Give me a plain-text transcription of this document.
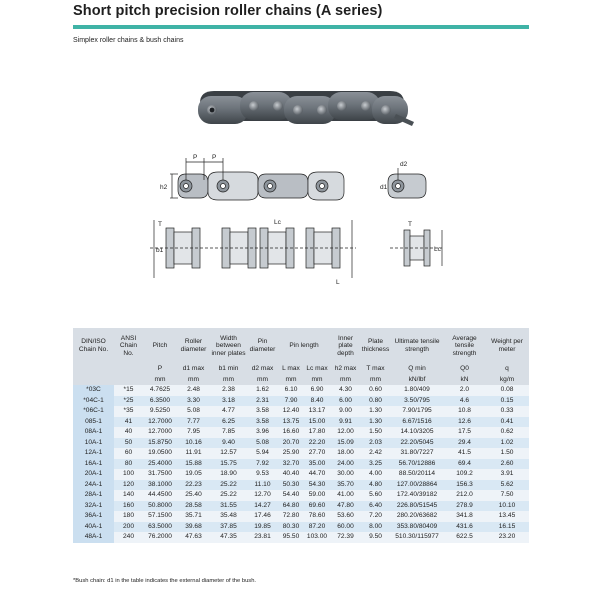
Short pitch precision roller chains (A series)
Simplex roller chains & bush chains
P P
h2	d1
d2
T
b1
Lc
L
Lc
T
DIN/ISO Chain No.	ANSI Chain No.	Pitch	Roller diameter	Width between inner plates	Pin diameter	Pin length		Inner plate depth	Plate thickness	Ultimate tensile strength	Average tensile strength	Weight per meter
		P	d1 max	b1 min	d2 max	L max	Lc max	h2 max	T max	Q min	Q0	q
		mm	mm	mm	mm	mm	mm	mm	mm	kN/lbf	kN	kg/m
*03C	*15	4.7625	2.48	2.38	1.62	6.10	6.90	4.30	0.60	1.80/409	2.0	0.08
*04C-1	*25	6.3500	3.30	3.18	2.31	7.90	8.40	6.00	0.80	3.50/795	4.6	0.15
*06C-1	*35	9.5250	5.08	4.77	3.58	12.40	13.17	9.00	1.30	7.90/1795	10.8	0.33
085-1	41	12.7000	7.77	6.25	3.58	13.75	15.00	9.91	1.30	6.67/1516	12.6	0.41
08A-1	40	12.7000	7.95	7.85	3.96	16.60	17.80	12.00	1.50	14.10/3205	17.5	0.62
10A-1	50	15.8750	10.16	9.40	5.08	20.70	22.20	15.09	2.03	22.20/5045	29.4	1.02
12A-1	60	19.0500	11.91	12.57	5.94	25.90	27.70	18.00	2.42	31.80/7227	41.5	1.50
16A-1	80	25.4000	15.88	15.75	7.92	32.70	35.00	24.00	3.25	56.70/12886	69.4	2.60
20A-1	100	31.7500	19.05	18.90	9.53	40.40	44.70	30.00	4.00	88.50/20114	109.2	3.91
24A-1	120	38.1000	22.23	25.22	11.10	50.30	54.30	35.70	4.80	127.00/28864	156.3	5.62
28A-1	140	44.4500	25.40	25.22	12.70	54.40	59.00	41.00	5.60	172.40/39182	212.0	7.50
32A-1	160	50.8000	28.58	31.55	14.27	64.80	69.60	47.80	6.40	226.80/51545	278.9	10.10
36A-1	180	57.1500	35.71	35.48	17.46	72.80	78.60	53.60	7.20	280.20/63682	341.8	13.45
40A-1	200	63.5000	39.68	37.85	19.85	80.30	87.20	60.00	8.00	353.80/80409	431.6	16.15
48A-1	240	76.2000	47.63	47.35	23.81	95.50	103.00	72.39	9.50	510.30/115977	622.5	23.20
*Bush chain: d1 in the table indicates the external diameter of the bush.
